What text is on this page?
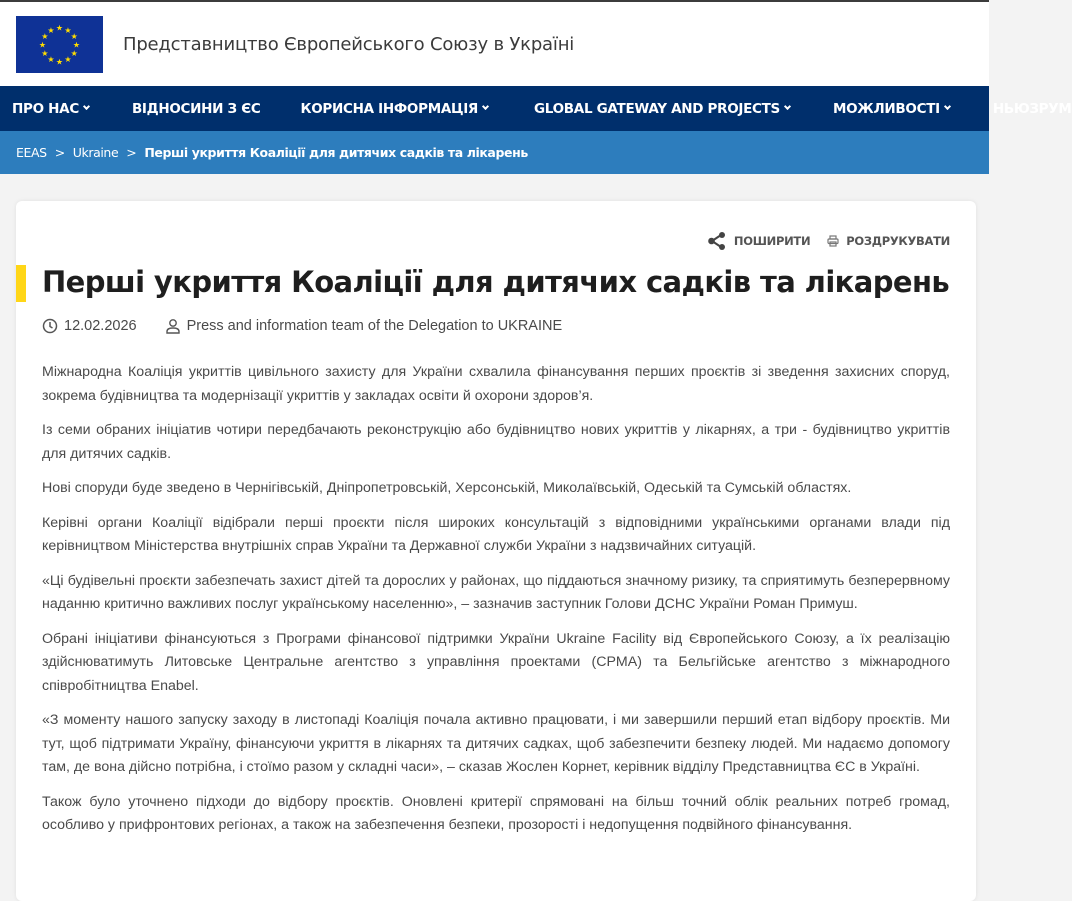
★ ★
★
★
★
★
★
★
★
★
★
★
Представництво Європейського Союзу в Україні
ПРО НАС	ВІДНОСИНИ З ЄС	КОРИСНА ІНФОРМАЦІЯ	GLOBAL GATEWAY AND PROJECTS	МОЖЛИВОСТІ	НЬЮЗРУМ
EEAS > Ukraine > Перші укриття Коаліції для дитячих садків та лікарень
ПОШИРИТИ	РОЗДРУКУВАТИ
Перші укриття Коаліції для дитячих садків та лікарень
12.02.2026	Press and information team of the Delegation to UKRAINE

Міжнародна Коаліція укриттів цивільного захисту для України схвалила фінансування перших проєктів зі зведення захисних споруд, зокрема будівництва та модернізації укриттів у закладах освіти й охорони здоров’я.

Із семи обраних ініціатив чотири передбачають реконструкцію або будівництво нових укриттів у лікарнях, а три - будівництво укриттів для дитячих садків.

Нові споруди буде зведено в Чернігівській, Дніпропетровській, Херсонській, Миколаївській, Одеській та Сумській областях.

Керівні органи Коаліції відібрали перші проєкти після широких консультацій з відповідними українськими органами влади під керівництвом Міністерства внутрішніх справ України та Державної служби України з надзвичайних ситуацій.

«Ці будівельні проєкти забезпечать захист дітей та дорослих у районах, що піддаються значному ризику, та сприятимуть безперервному наданню критично важливих послуг українському населенню», – зазначив заступник Голови ДСНС України Роман Примуш.

Обрані ініціативи фінансуються з Програми фінансової підтримки України Ukraine Facility від Європейського Союзу, а їх реалізацію здійснюватимуть Литовське Центральне агентство з управління проектами (CPMA) та Бельгійське агентство з міжнародного співробітництва Enabel.

«З моменту нашого запуску заходу в листопаді Коаліція почала активно працювати, і ми завершили перший етап відбору проєктів. Ми тут, щоб підтримати Україну, фінансуючи укриття в лікарнях та дитячих садках, щоб забезпечити безпеку людей. Ми надаємо допомогу там, де вона дійсно потрібна, і стоїмо разом у складні часи», – сказав Жослен Корнет, керівник відділу Представництва ЄС в Україні.

Також було уточнено підходи до відбору проєктів. Оновлені критерії спрямовані на більш точний облік реальних потреб громад, особливо у прифронтових регіонах, а також на забезпечення безпеки, прозорості і недопущення подвійного фінансування.
